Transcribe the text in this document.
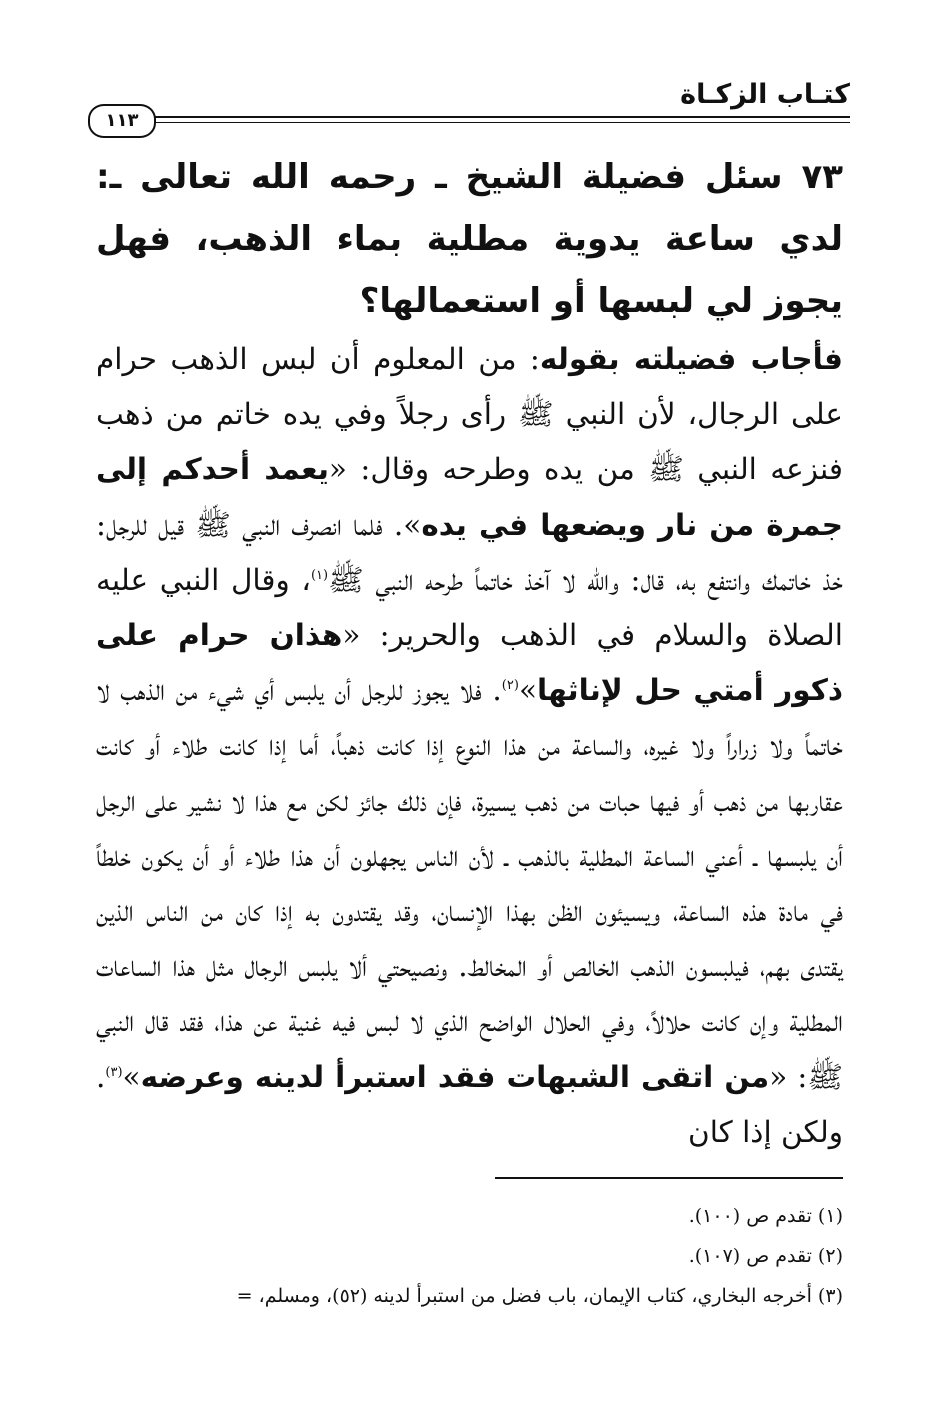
كتـاب الزكـاة
١١٣

٧٣ سئل فضيلة الشيخ ـ رحمه الله تعالى ـ: لدي ساعة يدوية مطلية بماء الذهب، فهل يجوز لي لبسها أو استعمالها؟

فأجاب فضيلته بقوله: من المعلوم أن لبس الذهب حرام على الرجال، لأن النبي ﷺ رأى رجلاً وفي يده خاتم من ذهب فنزعه النبي ﷺ من يده وطرحه وقال: «يعمد أحدكم إلى جمرة من نار ويضعها في يده». فلما انصرف النبي ﷺ قيل للرجل: خذ خاتمك وانتفع به، قال: والله لا آخذ خاتماً طرحه النبي ﷺ$^{(١)}$، وقال النبي عليه الصلاة والسلام في الذهب والحرير: «هذان حرام على ذكور أمتي حل لإناثها»$^{(٢)}$. فلا يجوز للرجل أن يلبس أي شيء من الذهب لا خاتماً ولا زراراً ولا غيره، والساعة من هذا النوع إذا كانت ذهباً، أما إذا كانت طلاء أو كانت عقاربها من ذهب أو فيها حبات من ذهب يسيرة، فإن ذلك جائز لكن مع هذا لا نشير على الرجل أن يلبسها ـ أعني الساعة المطلية بالذهب ـ لأن الناس يجهلون أن هذا طلاء أو أن يكون خلطاً في مادة هذه الساعة، ويسيئون الظن بهذا الإنسان، وقد يقتدون به إذا كان من الناس الذين يقتدى بهم، فيلبسون الذهب الخالص أو المخالط. ونصيحتي ألا يلبس الرجال مثل هذا الساعات المطلية وإن كانت حلالاً، وفي الحلال الواضح الذي لا لبس فيه غنية عن هذا، فقد قال النبي ﷺ: «من اتقى الشبهات فقد استبرأ لدينه وعرضه»$^{(٣)}$. ولكن إذا كان

(١) تقدم ص (١٠٠).
(٢) تقدم ص (١٠٧).
(٣) أخرجه البخاري، كتاب الإيمان، باب فضل من استبرأ لدينه (٥٢)، ومسلم، =
